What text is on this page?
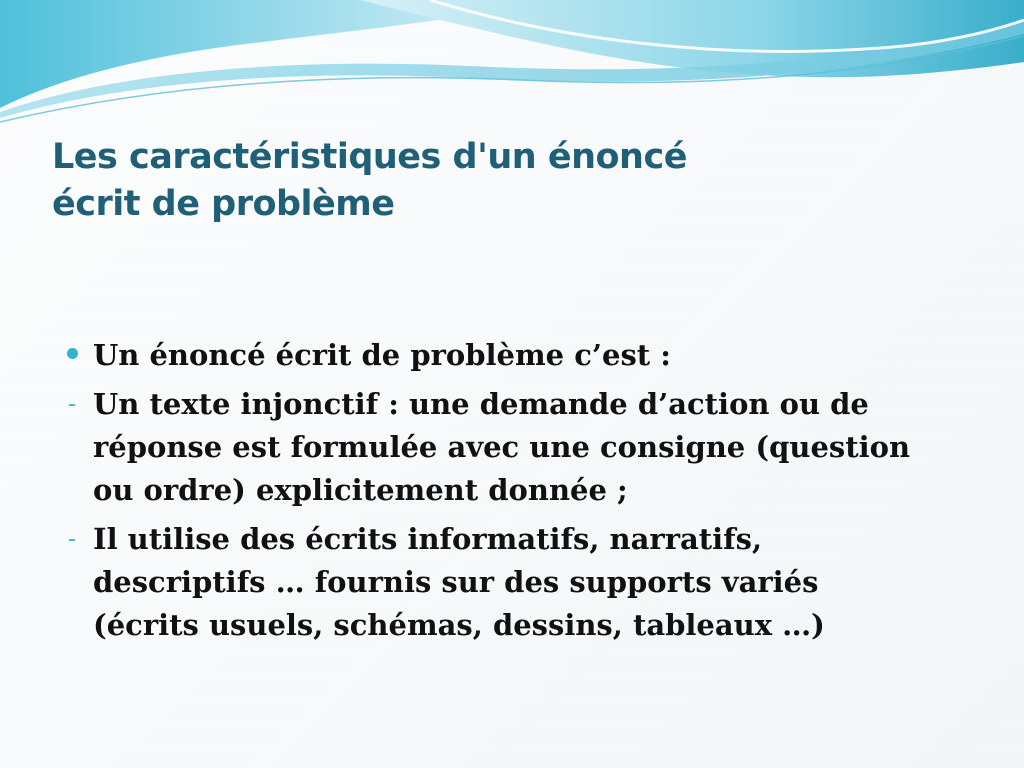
Les caractéristiques d'un énoncé
écrit de problème
Un énoncé écrit de problème c’est :
- Un texte injonctif : une demande d’action ou de
réponse est formulée avec une consigne (question
ou ordre) explicitement donnée ;
- Il utilise des écrits informatifs, narratifs,
descriptifs … fournis sur des supports variés
(écrits usuels, schémas, dessins, tableaux …)
